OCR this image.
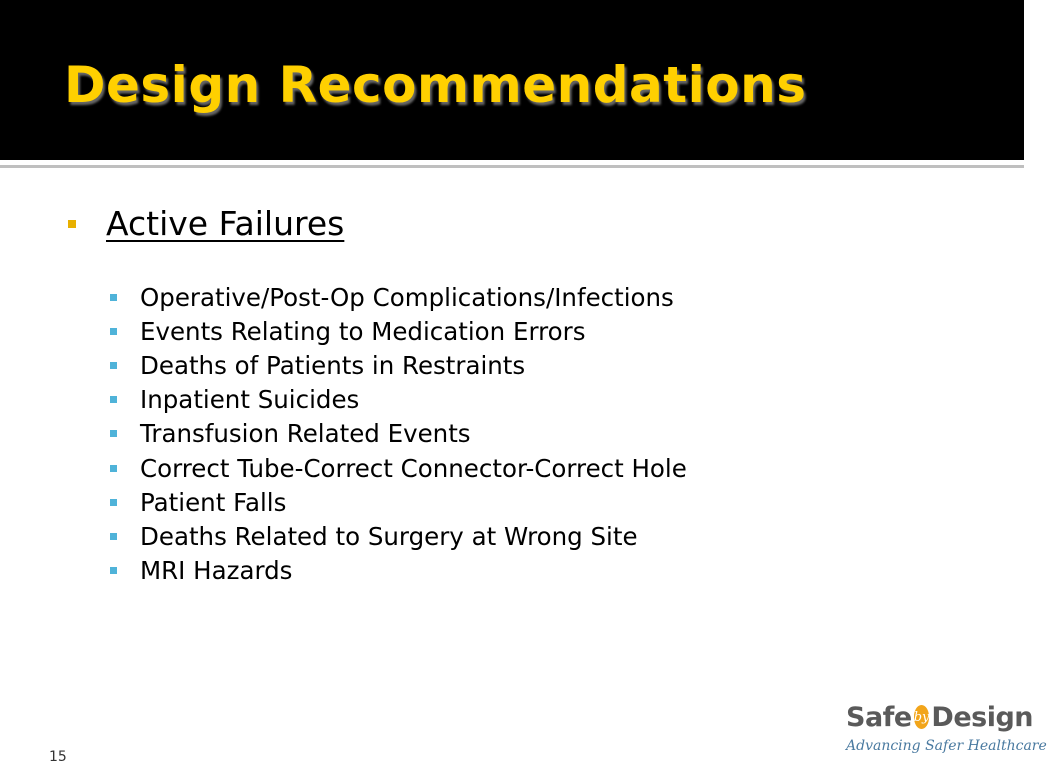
Design Recommendations
Active Failures
Operative/Post-Op Complications/Infections
Events Relating to Medication Errors
Deaths of Patients in Restraints
Inpatient Suicides
Transfusion Related Events
Correct Tube-Correct Connector-Correct Hole
Patient Falls
Deaths Related to Surgery at Wrong Site
MRI Hazards
15
Safe by Design
Advancing Safer Healthcare
